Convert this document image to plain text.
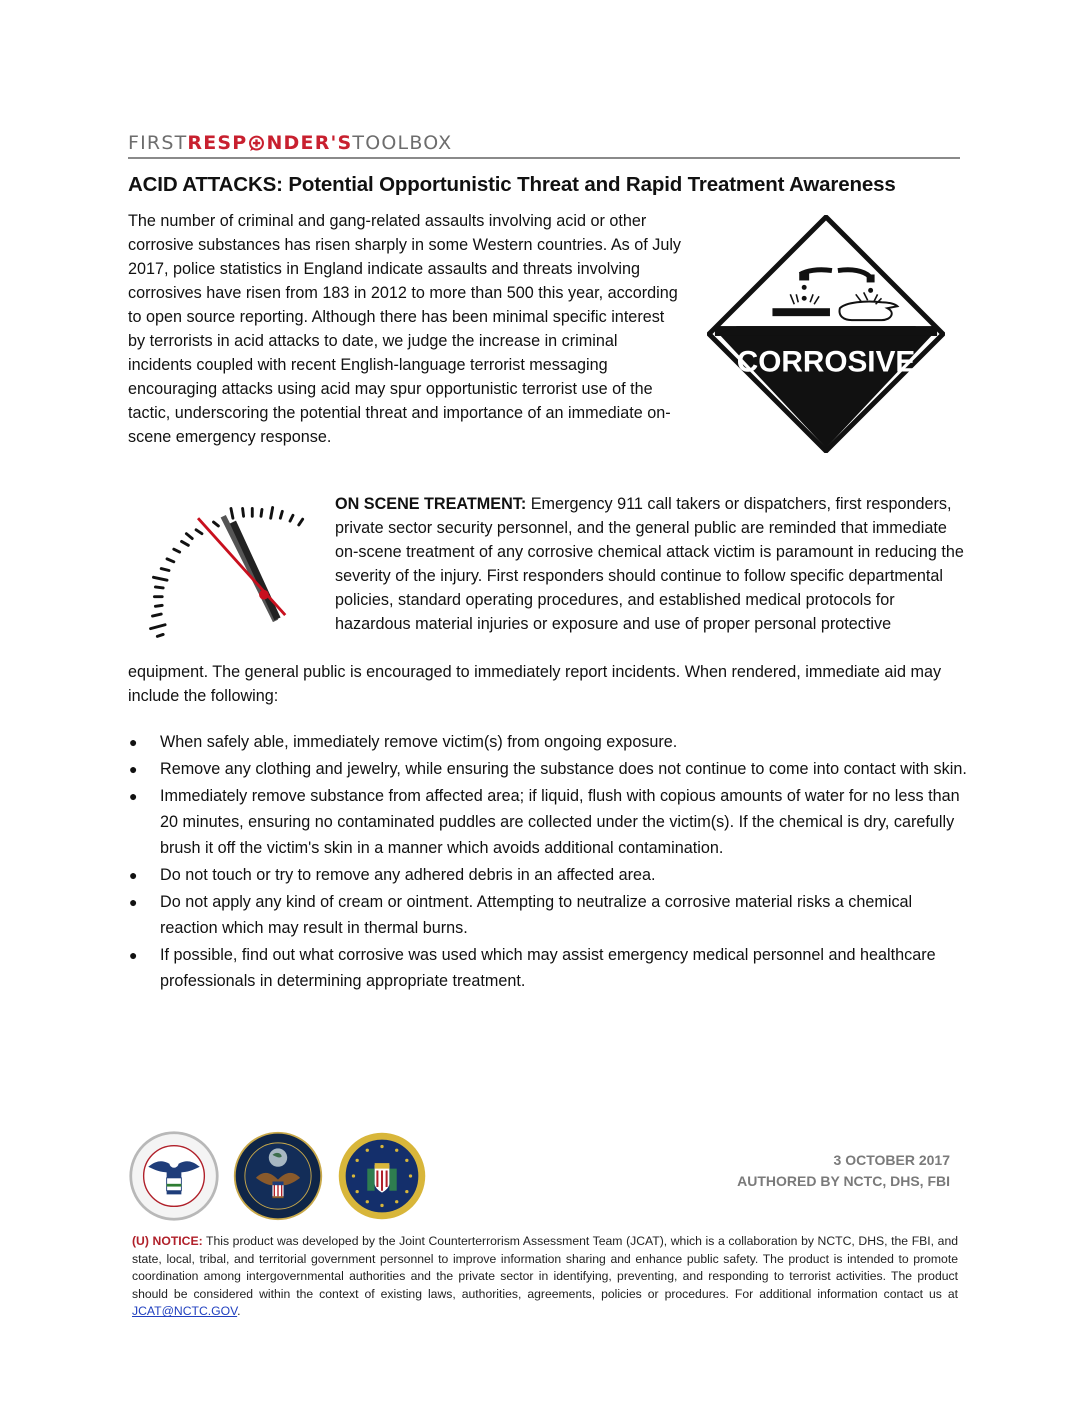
FIRST RESP NDER'S TOOLBOX
ACID ATTACKS: Potential Opportunistic Threat and Rapid Treatment Awareness
The number of criminal and gang-related assaults involving acid or other corrosive substances has risen sharply in some Western countries. As of July 2017, police statistics in England indicate assaults and threats involving corrosives have risen from 183 in 2012 to more than 500 this year, according to open source reporting. Although there has been minimal specific interest by terrorists in acid attacks to date, we judge the increase in criminal incidents coupled with recent English-language terrorist messaging encouraging attacks using acid may spur opportunistic terrorist use of the tactic, underscoring the potential threat and importance of an immediate on-scene emergency response.
CORROSIVE
ON SCENE TREATMENT: Emergency 911 call takers or dispatchers, first responders, private sector security personnel, and the general public are reminded that immediate on-scene treatment of any corrosive chemical attack victim is paramount in reducing the severity of the injury. First responders should continue to follow specific departmental policies, standard operating procedures, and established medical protocols for hazardous material injuries or exposure and use of proper personal protective
equipment. The general public is encouraged to immediately report incidents. When rendered, immediate aid may include the following:
● When safely able, immediately remove victim(s) from ongoing exposure.
● Remove any clothing and jewelry, while ensuring the substance does not continue to come into contact with skin.
● Immediately remove substance from affected area; if liquid, flush with copious amounts of water for no less than 20 minutes, ensuring no contaminated puddles are collected under the victim(s). If the chemical is dry, carefully brush it off the victim's skin in a manner which avoids additional contamination.
● Do not touch or try to remove any adhered debris in an affected area.
● Do not apply any kind of cream or ointment. Attempting to neutralize a corrosive material risks a chemical reaction which may result in thermal burns.
● If possible, find out what corrosive was used which may assist emergency medical personnel and healthcare professionals in determining appropriate treatment.
3 OCTOBER 2017
AUTHORED BY NCTC, DHS, FBI
(U) NOTICE: This product was developed by the Joint Counterterrorism Assessment Team (JCAT), which is a collaboration by NCTC, DHS, the FBI, and state, local, tribal, and territorial government personnel to improve information sharing and enhance public safety. The product is intended to promote coordination among intergovernmental authorities and the private sector in identifying, preventing, and responding to terrorist activities. The product should be considered within the context of existing laws, authorities, agreements, policies or procedures. For additional information contact us at JCAT@NCTC.GOV.
